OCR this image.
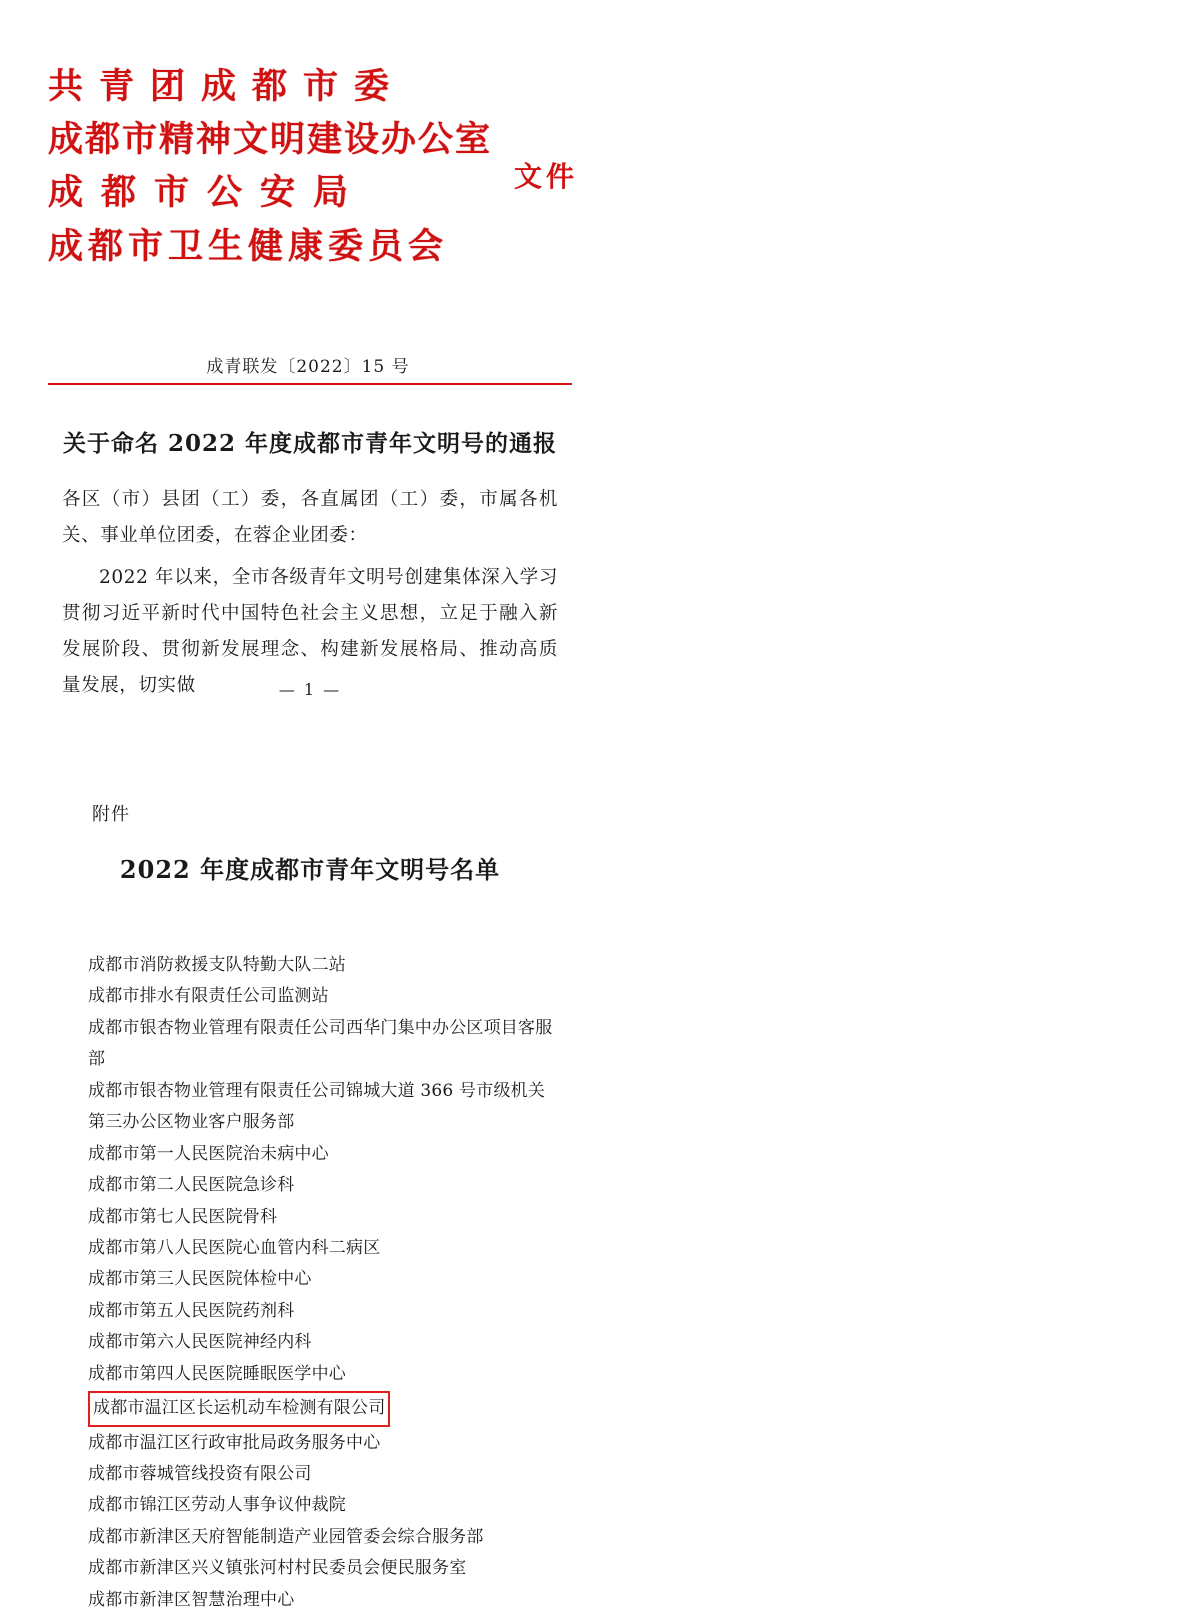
共青团成都市委
成都市精神文明建设办公室
成都市公安局
成都市卫生健康委员会
文件
成青联发〔2022〕15 号
关于命名 2022 年度成都市青年文明号的通报
各区（市）县团（工）委，各直属团（工）委，市属各机关、事业单位团委，在蓉企业团委：
2022 年以来，全市各级青年文明号创建集体深入学习贯彻习近平新时代中国特色社会主义思想，立足于融入新发展阶段、贯彻新发展理念、构建新发展格局、推动高质量发展，切实做	— 1 —
附件
2022 年度成都市青年文明号名单
成都市消防救援支队特勤大队二站
成都市排水有限责任公司监测站
成都市银杏物业管理有限责任公司西华门集中办公区项目客服部
成都市银杏物业管理有限责任公司锦城大道 366 号市级机关第三办公区物业客户服务部
成都市第一人民医院治未病中心
成都市第二人民医院急诊科
成都市第七人民医院骨科
成都市第八人民医院心血管内科二病区
成都市第三人民医院体检中心
成都市第五人民医院药剂科
成都市第六人民医院神经内科
成都市第四人民医院睡眠医学中心
成都市温江区长运机动车检测有限公司
成都市温江区行政审批局政务服务中心
成都市蓉城管线投资有限公司
成都市锦江区劳动人事争议仲裁院
成都市新津区天府智能制造产业园管委会综合服务部
成都市新津区兴义镇张河村村民委员会便民服务室
成都市新津区智慧治理中心
